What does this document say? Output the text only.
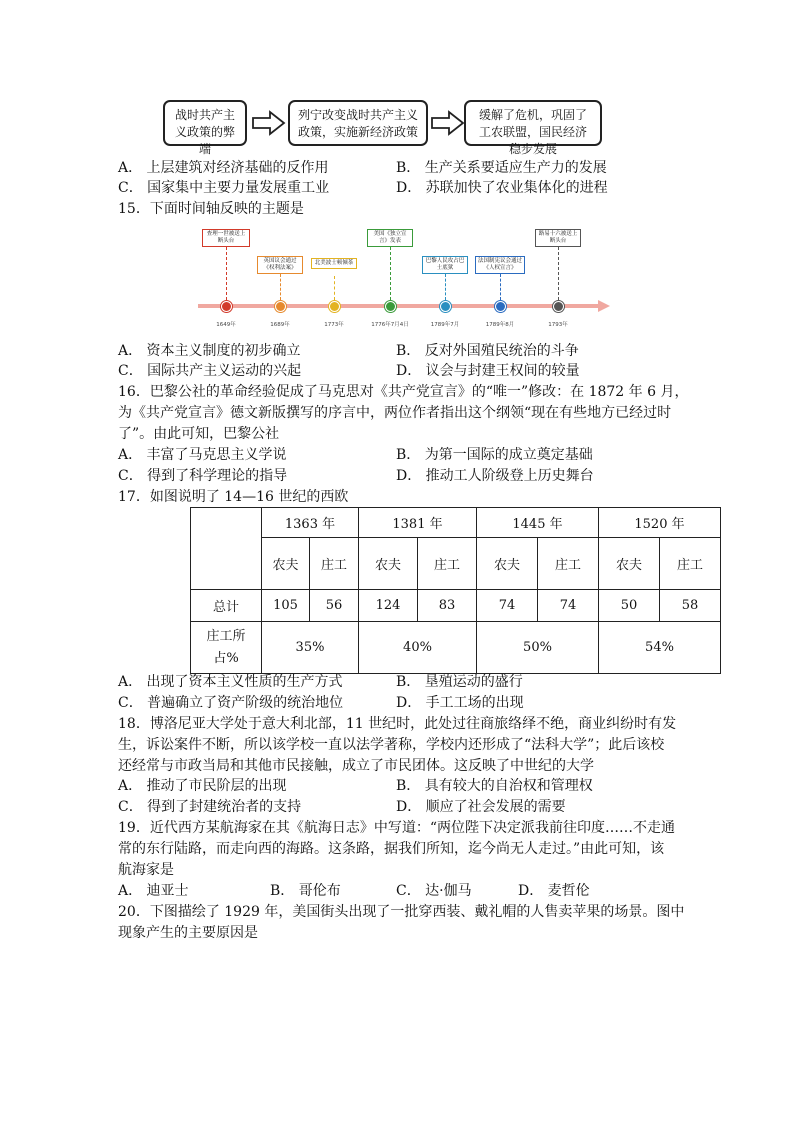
战时共产主义政策的弊端
列宁改变战时共产主义政策，实施新经济政策
缓解了危机，巩固了工农联盟，国民经济稳步发展
A． 上层建筑对经济基础的反作用	B． 生产关系要适应生产力的发展
C． 国家集中主要力量发展重工业	D． 苏联加快了农业集体化的进程
15．下面时间轴反映的主题是
查理一世被送上断头台
1649年
英国议会通过《权利法案》
1689年
北美波士顿倾茶
1773年
美国《独立宣言》发表
1776年7月4日
巴黎人民攻占巴士底狱
1789年7月
法国制宪议会通过《人权宣言》
1789年8月
路易十六被送上断头台
1793年
A． 资本主义制度的初步确立	B． 反对外国殖民统治的斗争
C． 国际共产主义运动的兴起	D． 议会与封建王权间的较量
16．巴黎公社的革命经验促成了马克思对《共产党宣言》的“唯一”修改：在 1872 年 6 月，
为《共产党宣言》德文新版撰写的序言中，两位作者指出这个纲领“现在有些地方已经过时
了”。由此可知，巴黎公社
A． 丰富了马克思主义学说	B． 为第一国际的成立奠定基础
C． 得到了科学理论的指导	D． 推动工人阶级登上历史舞台
17．如图说明了 14—16 世纪的西欧
	1363 年		1381 年		1445 年		1520 年	
	农夫	庄工	农夫	庄工	农夫	庄工	农夫	庄工
总计	105	56	124	83	74	74	50	58
庄工所占%	35%		40%		50%		54%	
A． 出现了资本主义性质的生产方式	B． 垦殖运动的盛行
C． 普遍确立了资产阶级的统治地位	D． 手工工场的出现
18．博洛尼亚大学处于意大利北部，11 世纪时，此处过往商旅络绎不绝，商业纠纷时有发
生，诉讼案件不断，所以该学校一直以法学著称，学校内还形成了“法科大学”；此后该校
还经常与市政当局和其他市民接触，成立了市民团体。这反映了中世纪的大学
A． 推动了市民阶层的出现	B． 具有较大的自治权和管理权
C． 得到了封建统治者的支持	D． 顺应了社会发展的需要
19．近代西方某航海家在其《航海日志》中写道：“两位陛下决定派我前往印度……不走通
常的东行陆路，而走向西的海路。这条路，据我们所知，迄今尚无人走过。”由此可知，该
航海家是
A． 迪亚士	B． 哥伦布	C． 达·伽马	D． 麦哲伦
20．下图描绘了 1929 年，美国街头出现了一批穿西装、戴礼帽的人售卖苹果的场景。图中
现象产生的主要原因是
